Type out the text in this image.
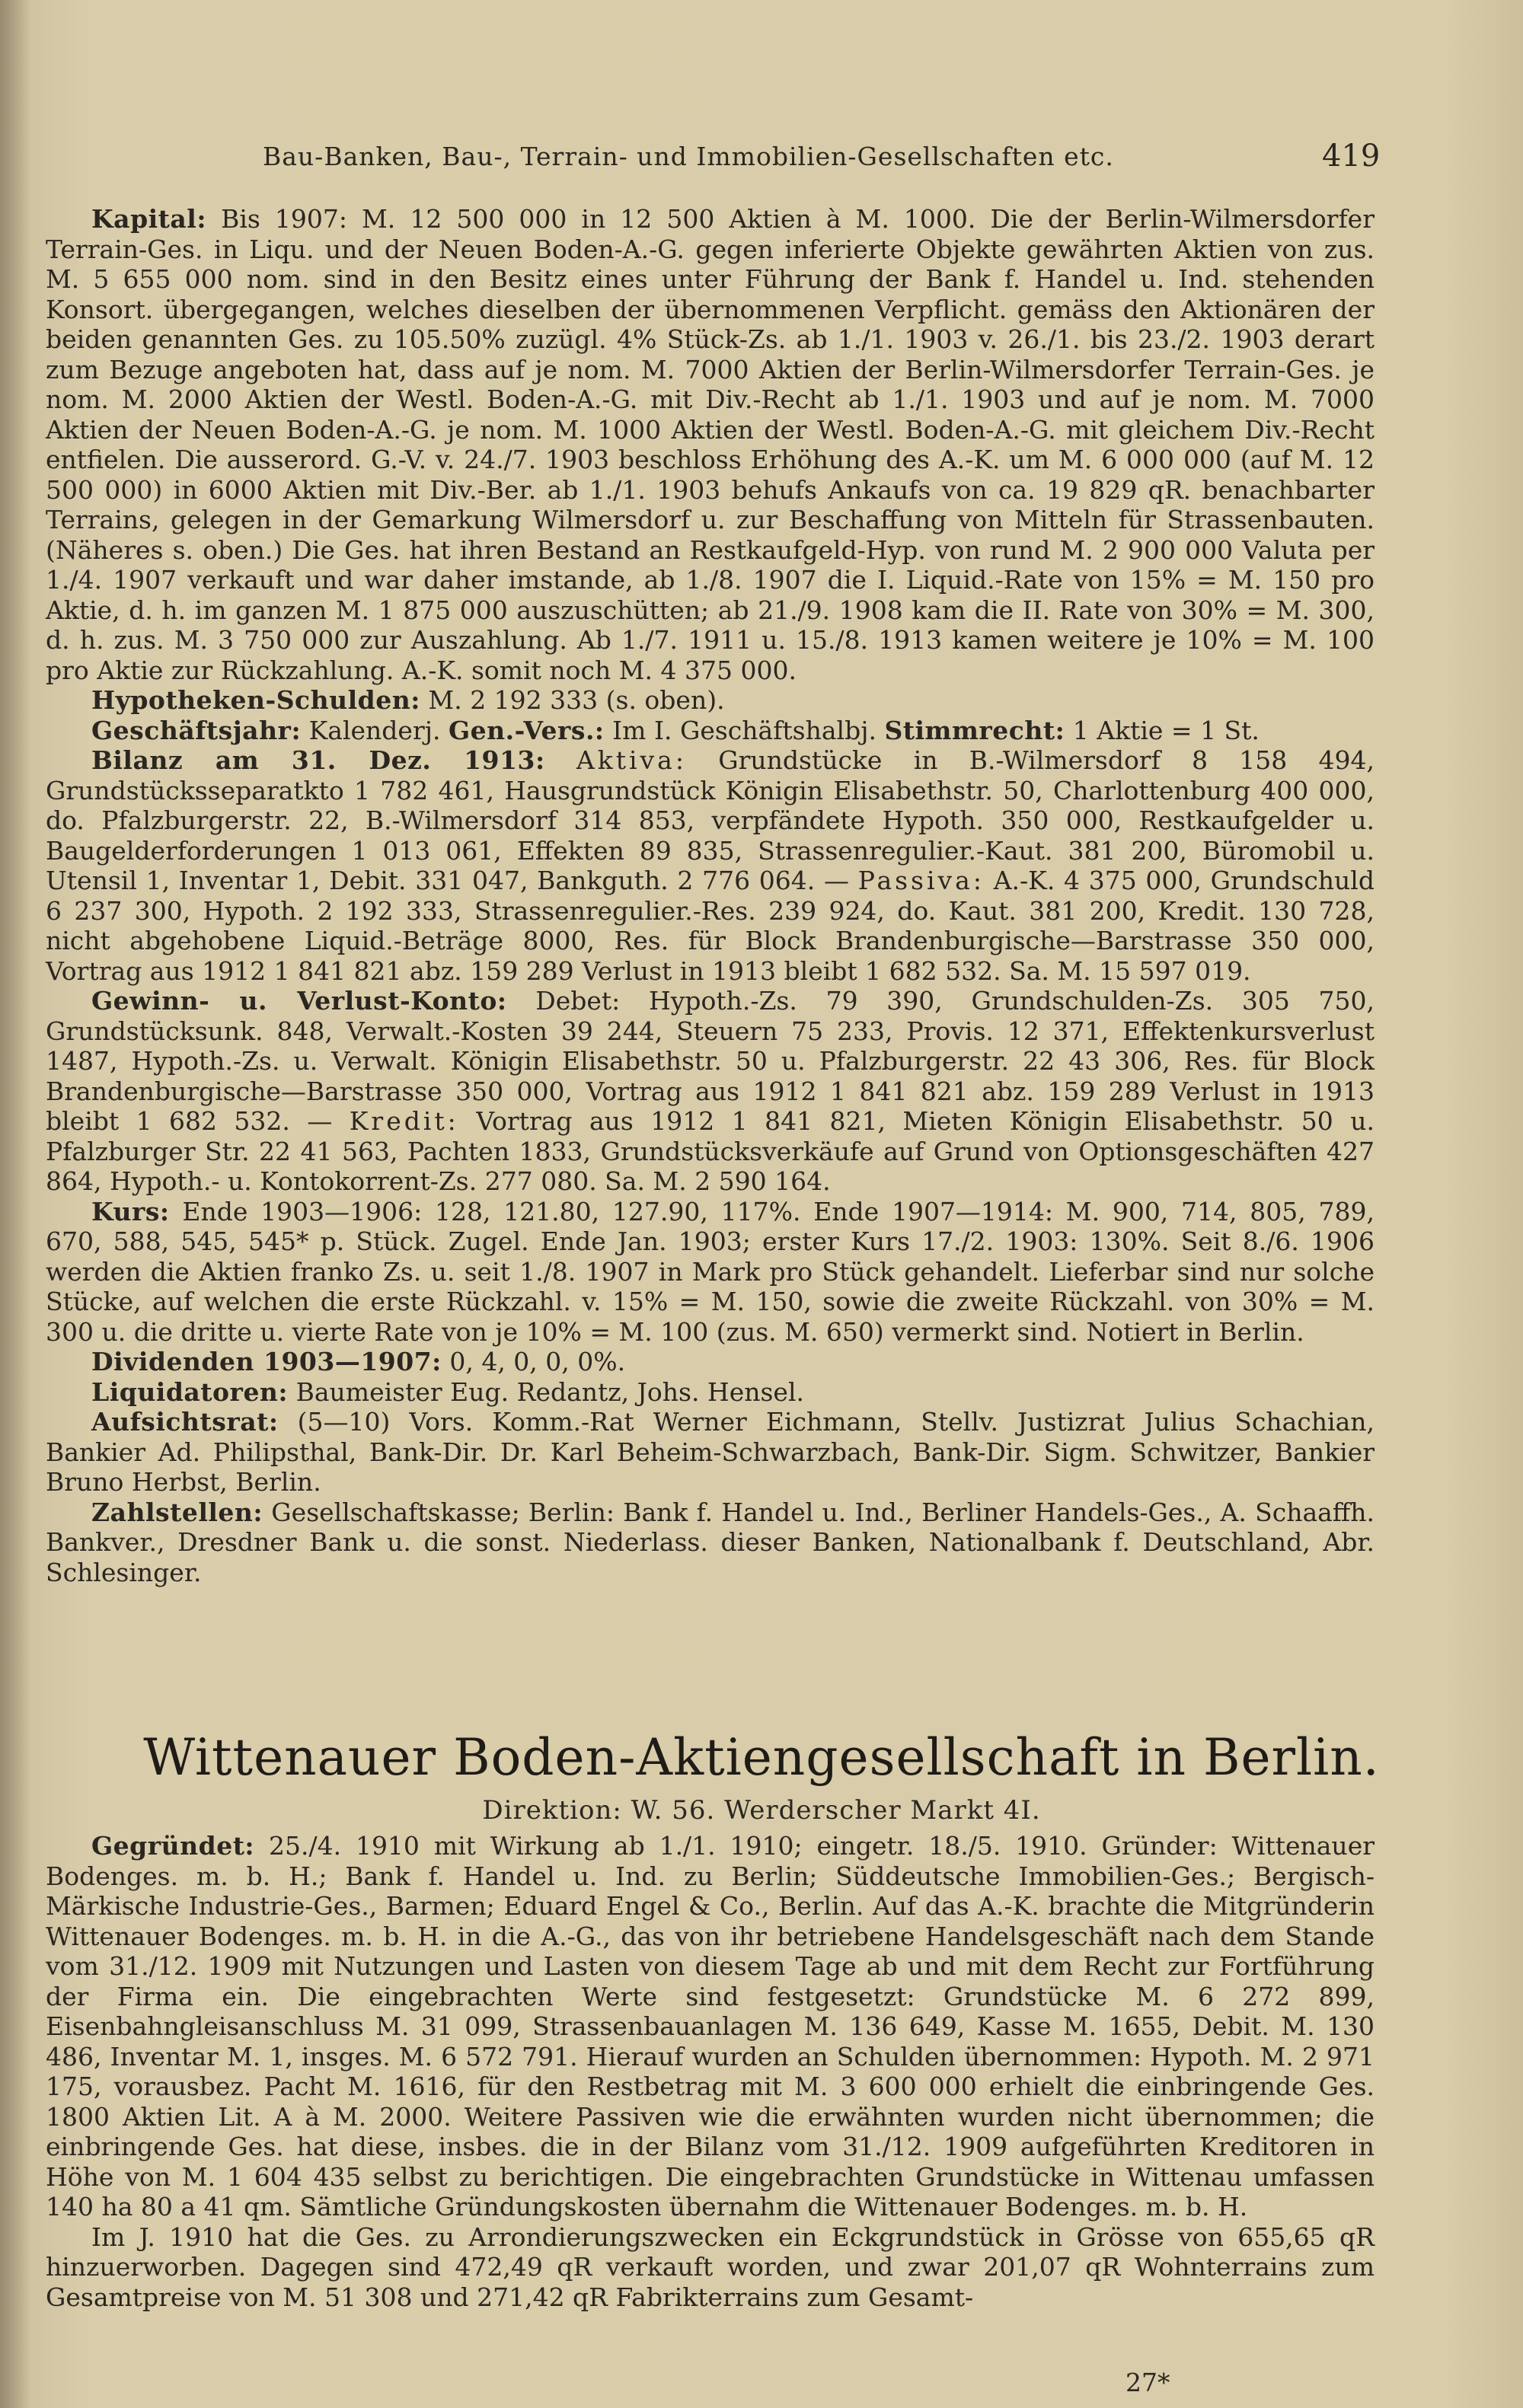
Bau-Banken, Bau-, Terrain- und Immobilien-Gesellschaften etc.	419

Kapital: Bis 1907: M. 12 500 000 in 12 500 Aktien à M. 1000. Die der Berlin-Wilmersdorfer Terrain-Ges. in Liqu. und der Neuen Boden-A.-G. gegen inferierte Objekte gewährten Aktien von zus. M. 5 655 000 nom. sind in den Besitz eines unter Führung der Bank f. Handel u. Ind. stehenden Konsort. übergegangen, welches dieselben der übernommenen Verpflicht. gemäss den Aktionären der beiden genannten Ges. zu 105.50% zuzügl. 4% Stück-Zs. ab 1./1. 1903 v. 26./1. bis 23./2. 1903 derart zum Bezuge angeboten hat, dass auf je nom. M. 7000 Aktien der Berlin-Wilmersdorfer Terrain-Ges. je nom. M. 2000 Aktien der Westl. Boden-A.-G. mit Div.-Recht ab 1./1. 1903 und auf je nom. M. 7000 Aktien der Neuen Boden-A.-G. je nom. M. 1000 Aktien der Westl. Boden-A.-G. mit gleichem Div.-Recht entfielen. Die ausserord. G.-V. v. 24./7. 1903 beschloss Erhöhung des A.-K. um M. 6 000 000 (auf M. 12 500 000) in 6000 Aktien mit Div.-Ber. ab 1./1. 1903 behufs Ankaufs von ca. 19 829 qR. benachbarter Terrains, gelegen in der Gemarkung Wilmersdorf u. zur Beschaffung von Mitteln für Strassenbauten. (Näheres s. oben.) Die Ges. hat ihren Bestand an Restkaufgeld-Hyp. von rund M. 2 900 000 Valuta per 1./4. 1907 verkauft und war daher imstande, ab 1./8. 1907 die I. Liquid.-Rate von 15% = M. 150 pro Aktie, d. h. im ganzen M. 1 875 000 auszuschütten; ab 21./9. 1908 kam die II. Rate von 30% = M. 300, d. h. zus. M. 3 750 000 zur Auszahlung. Ab 1./7. 1911 u. 15./8. 1913 kamen weitere je 10% = M. 100 pro Aktie zur Rückzahlung. A.-K. somit noch M. 4 375 000.

Hypotheken-Schulden: M. 2 192 333 (s. oben).

Geschäftsjahr: Kalenderj. Gen.-Vers.: Im I. Geschäftshalbj. Stimmrecht: 1 Aktie = 1 St.

Bilanz am 31. Dez. 1913: Aktiva: Grundstücke in B.-Wilmersdorf 8 158 494, Grundstücksseparatkto 1 782 461, Hausgrundstück Königin Elisabethstr. 50, Charlottenburg 400 000, do. Pfalzburgerstr. 22, B.-Wilmersdorf 314 853, verpfändete Hypoth. 350 000, Restkaufgelder u. Baugelderforderungen 1 013 061, Effekten 89 835, Strassenregulier.-Kaut. 381 200, Büromobil u. Utensil 1, Inventar 1, Debit. 331 047, Bankguth. 2 776 064. — Passiva: A.-K. 4 375 000, Grundschuld 6 237 300, Hypoth. 2 192 333, Strassenregulier.-Res. 239 924, do. Kaut. 381 200, Kredit. 130 728, nicht abgehobene Liquid.-Beträge 8000, Res. für Block Brandenburgische—Barstrasse 350 000, Vortrag aus 1912 1 841 821 abz. 159 289 Verlust in 1913 bleibt 1 682 532. Sa. M. 15 597 019.

Gewinn- u. Verlust-Konto: Debet: Hypoth.-Zs. 79 390, Grundschulden-Zs. 305 750, Grundstücksunk. 848, Verwalt.-Kosten 39 244, Steuern 75 233, Provis. 12 371, Effektenkursverlust 1487, Hypoth.-Zs. u. Verwalt. Königin Elisabethstr. 50 u. Pfalzburgerstr. 22 43 306, Res. für Block Brandenburgische—Barstrasse 350 000, Vortrag aus 1912 1 841 821 abz. 159 289 Verlust in 1913 bleibt 1 682 532. — Kredit: Vortrag aus 1912 1 841 821, Mieten Königin Elisabethstr. 50 u. Pfalzburger Str. 22 41 563, Pachten 1833, Grundstücksverkäufe auf Grund von Optionsgeschäften 427 864, Hypoth.- u. Kontokorrent-Zs. 277 080. Sa. M. 2 590 164.

Kurs: Ende 1903—1906: 128, 121.80, 127.90, 117%. Ende 1907—1914: M. 900, 714, 805, 789, 670, 588, 545, 545* p. Stück. Zugel. Ende Jan. 1903; erster Kurs 17./2. 1903: 130%. Seit 8./6. 1906 werden die Aktien franko Zs. u. seit 1./8. 1907 in Mark pro Stück gehandelt. Lieferbar sind nur solche Stücke, auf welchen die erste Rückzahl. v. 15% = M. 150, sowie die zweite Rückzahl. von 30% = M. 300 u. die dritte u. vierte Rate von je 10% = M. 100 (zus. M. 650) vermerkt sind. Notiert in Berlin.

Dividenden 1903—1907: 0, 4, 0, 0, 0%.

Liquidatoren: Baumeister Eug. Redantz, Johs. Hensel.

Aufsichtsrat: (5—10) Vors. Komm.-Rat Werner Eichmann, Stellv. Justizrat Julius Schachian, Bankier Ad. Philipsthal, Bank-Dir. Dr. Karl Beheim-Schwarzbach, Bank-Dir. Sigm. Schwitzer, Bankier Bruno Herbst, Berlin.

Zahlstellen: Gesellschaftskasse; Berlin: Bank f. Handel u. Ind., Berliner Handels-Ges., A. Schaaffh. Bankver., Dresdner Bank u. die sonst. Niederlass. dieser Banken, Nationalbank f. Deutschland, Abr. Schlesinger.

Wittenauer Boden-Aktiengesellschaft in Berlin.
Direktion: W. 56. Werderscher Markt 4I.

Gegründet: 25./4. 1910 mit Wirkung ab 1./1. 1910; eingetr. 18./5. 1910. Gründer: Wittenauer Bodenges. m. b. H.; Bank f. Handel u. Ind. zu Berlin; Süddeutsche Immobilien-Ges.; Bergisch-Märkische Industrie-Ges., Barmen; Eduard Engel & Co., Berlin. Auf das A.-K. brachte die Mitgründerin Wittenauer Bodenges. m. b. H. in die A.-G., das von ihr betriebene Handelsgeschäft nach dem Stande vom 31./12. 1909 mit Nutzungen und Lasten von diesem Tage ab und mit dem Recht zur Fortführung der Firma ein. Die eingebrachten Werte sind festgesetzt: Grundstücke M. 6 272 899, Eisenbahngleisanschluss M. 31 099, Strassenbauanlagen M. 136 649, Kasse M. 1655, Debit. M. 130 486, Inventar M. 1, insges. M. 6 572 791. Hierauf wurden an Schulden übernommen: Hypoth. M. 2 971 175, vorausbez. Pacht M. 1616, für den Restbetrag mit M. 3 600 000 erhielt die einbringende Ges. 1800 Aktien Lit. A à M. 2000. Weitere Passiven wie die erwähnten wurden nicht übernommen; die einbringende Ges. hat diese, insbes. die in der Bilanz vom 31./12. 1909 aufgeführten Kreditoren in Höhe von M. 1 604 435 selbst zu berichtigen. Die eingebrachten Grundstücke in Wittenau umfassen 140 ha 80 a 41 qm. Sämtliche Gründungskosten übernahm die Wittenauer Bodenges. m. b. H.

Im J. 1910 hat die Ges. zu Arrondierungszwecken ein Eckgrundstück in Grösse von 655,65 qR hinzuerworben. Dagegen sind 472,49 qR verkauft worden, und zwar 201,07 qR Wohnterrains zum Gesamtpreise von M. 51 308 und 271,42 qR Fabrikterrains zum Gesamt-

27*
